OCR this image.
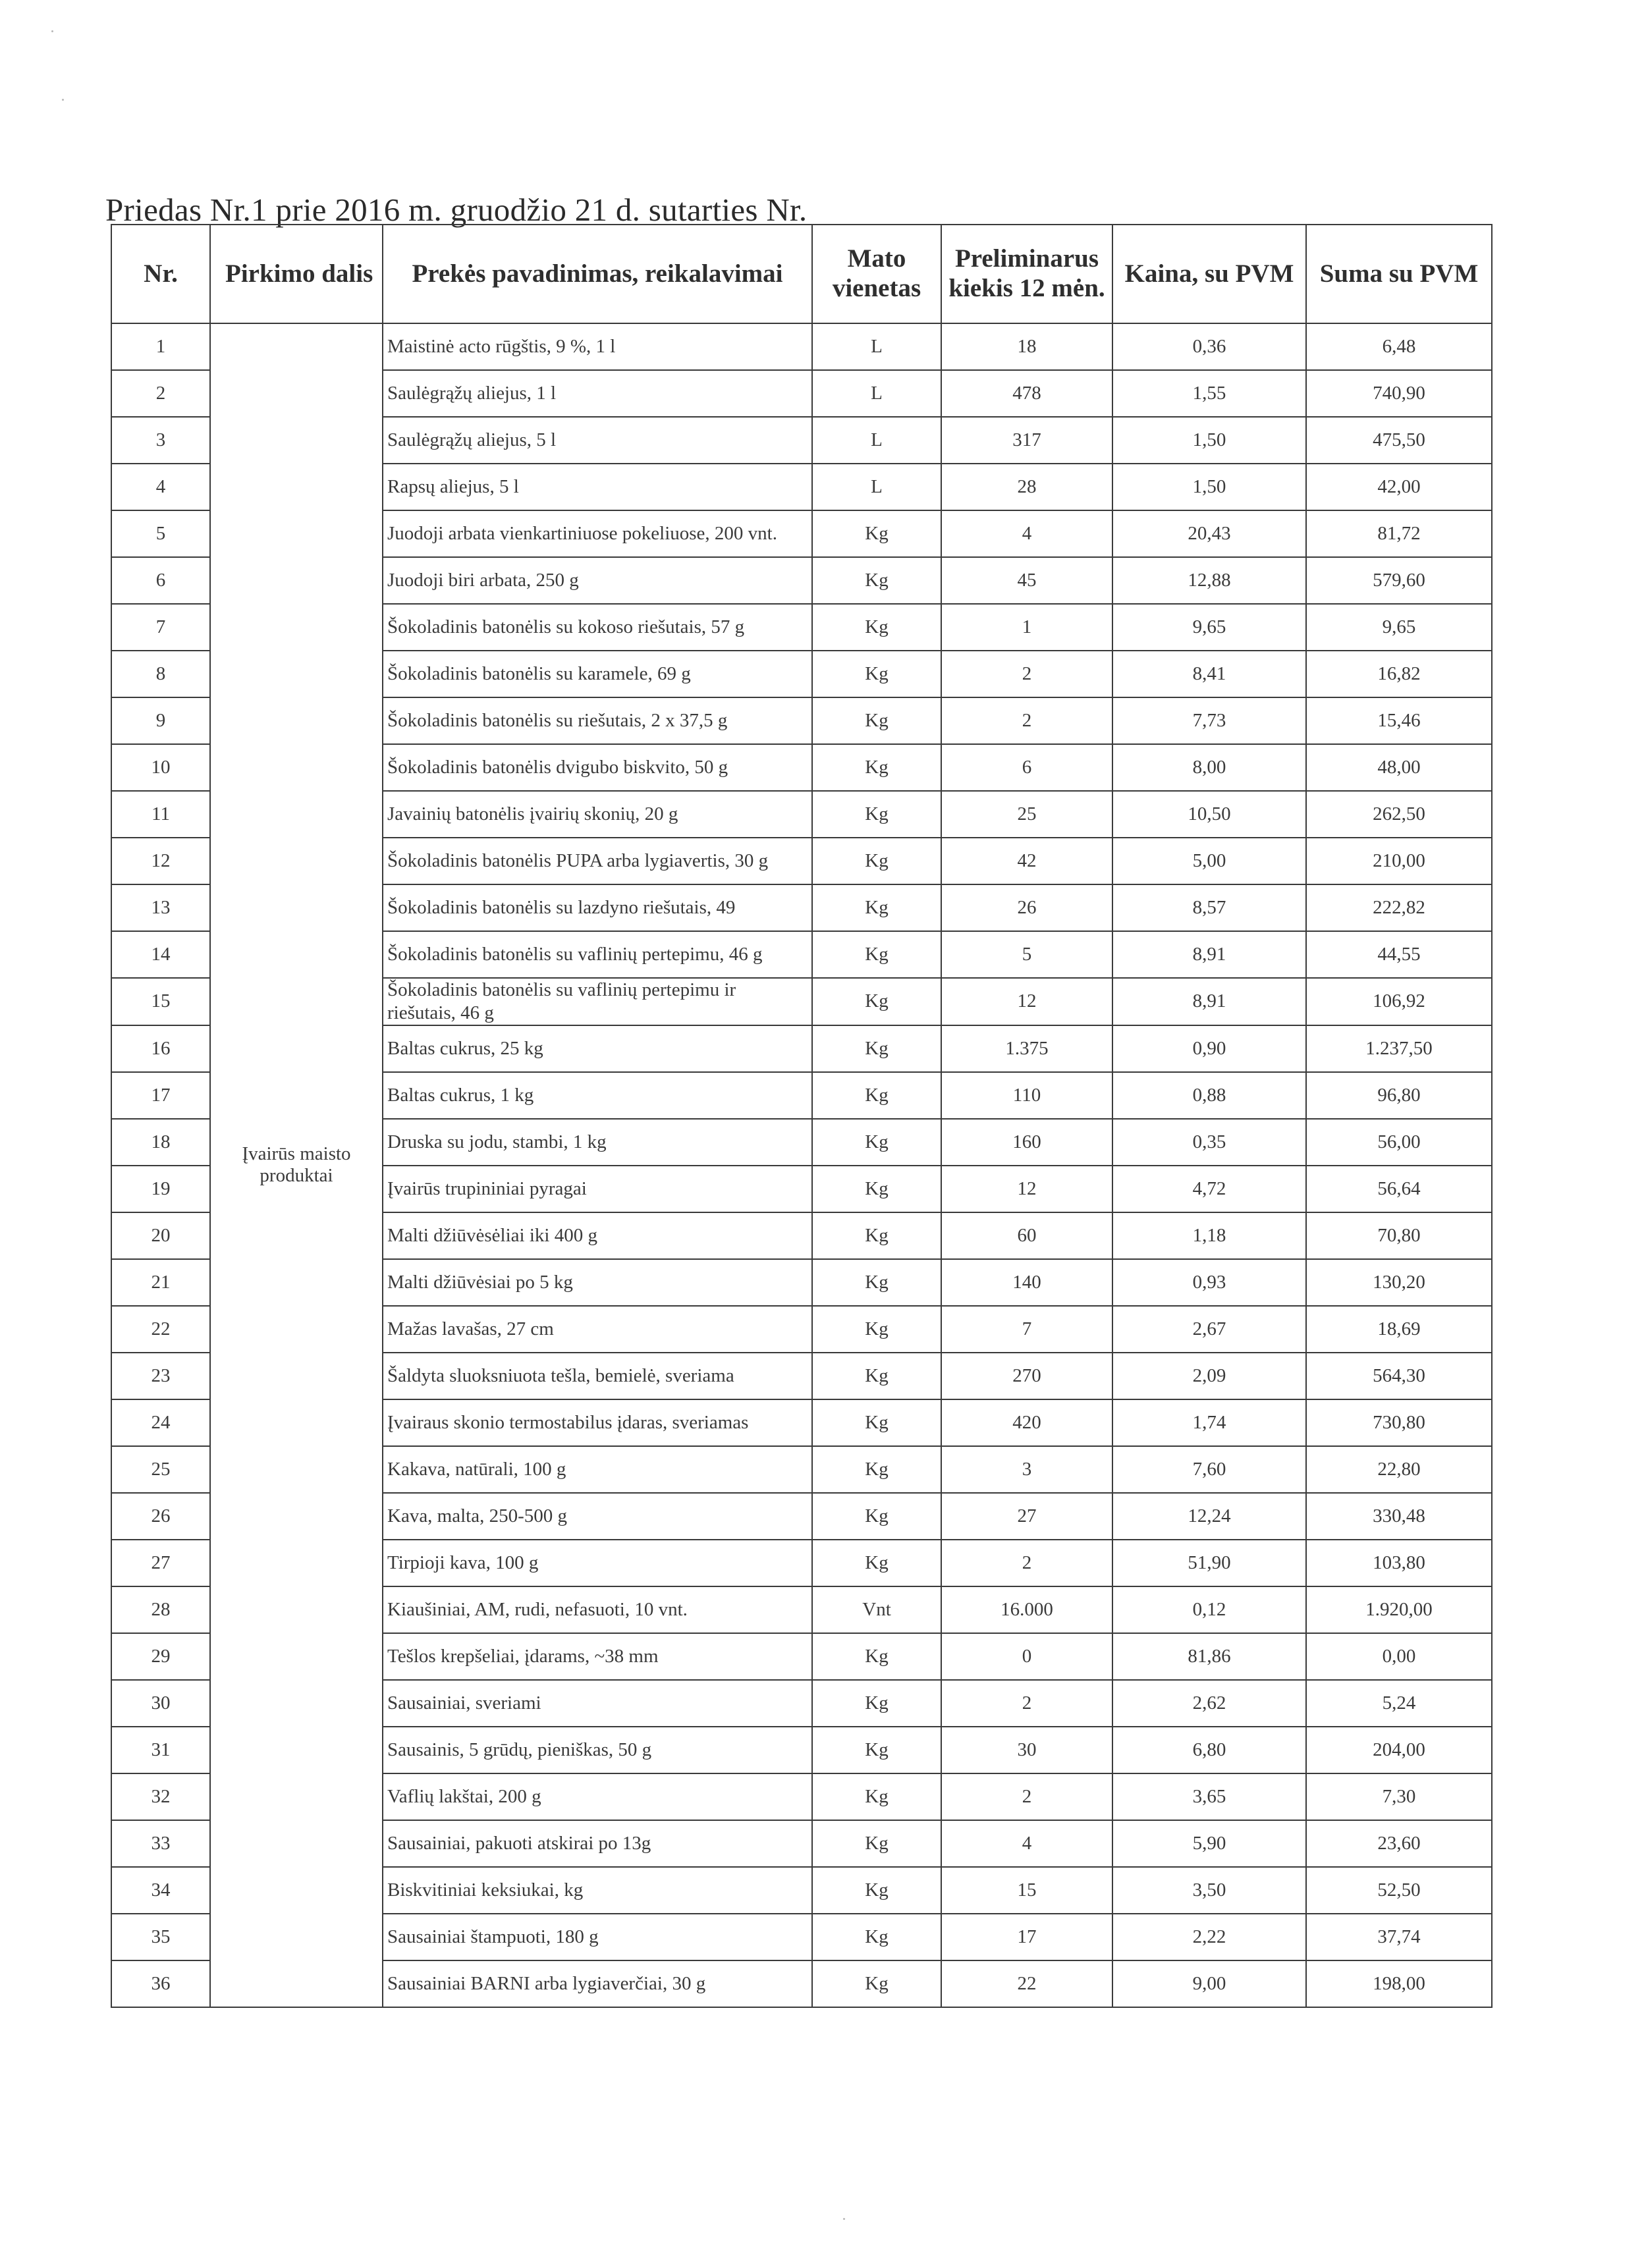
Priedas Nr.1 prie 2016 m. gruodžio 21 d. sutarties Nr.
Nr.	Pirkimo dalis	Prekės pavadinimas, reikalavimai	Mato vienetas	Preliminarus kiekis 12 mėn.	Kaina, su PVM	Suma su PVM
1	Įvairūs maisto produktai	Maistinė acto rūgštis, 9 %, 1 l	L	18	0,36	6,48
2		Saulėgrąžų aliejus, 1 l	L	478	1,55	740,90
3		Saulėgrąžų aliejus, 5 l	L	317	1,50	475,50
4		Rapsų aliejus, 5 l	L	28	1,50	42,00
5		Juodoji arbata vienkartiniuose pokeliuose, 200 vnt.	Kg	4	20,43	81,72
6		Juodoji biri arbata, 250 g	Kg	45	12,88	579,60
7		Šokoladinis batonėlis su kokoso riešutais, 57 g	Kg	1	9,65	9,65
8		Šokoladinis batonėlis su karamele, 69 g	Kg	2	8,41	16,82
9		Šokoladinis batonėlis su riešutais, 2 x 37,5 g	Kg	2	7,73	15,46
10		Šokoladinis batonėlis dvigubo biskvito, 50 g	Kg	6	8,00	48,00
11		Javainių batonėlis įvairių skonių, 20 g	Kg	25	10,50	262,50
12		Šokoladinis batonėlis PUPA arba lygiavertis, 30 g	Kg	42	5,00	210,00
13		Šokoladinis batonėlis su lazdyno riešutais, 49	Kg	26	8,57	222,82
14		Šokoladinis batonėlis su vaflinių pertepimu, 46 g	Kg	5	8,91	44,55
15		Šokoladinis batonėlis su vaflinių pertepimu ir riešutais, 46 g	Kg	12	8,91	106,92
16		Baltas cukrus, 25 kg	Kg	1.375	0,90	1.237,50
17		Baltas cukrus, 1 kg	Kg	110	0,88	96,80
18		Druska su jodu, stambi, 1 kg	Kg	160	0,35	56,00
19		Įvairūs trupininiai pyragai	Kg	12	4,72	56,64
20		Malti džiūvėsėliai iki 400 g	Kg	60	1,18	70,80
21		Malti džiūvėsiai po 5 kg	Kg	140	0,93	130,20
22		Mažas lavašas, 27 cm	Kg	7	2,67	18,69
23		Šaldyta sluoksniuota tešla, bemielė, sveriama	Kg	270	2,09	564,30
24		Įvairaus skonio termostabilus įdaras, sveriamas	Kg	420	1,74	730,80
25		Kakava, natūrali, 100 g	Kg	3	7,60	22,80
26		Kava, malta, 250-500 g	Kg	27	12,24	330,48
27		Tirpioji kava, 100 g	Kg	2	51,90	103,80
28		Kiaušiniai, AM, rudi, nefasuoti, 10 vnt.	Vnt	16.000	0,12	1.920,00
29		Tešlos krepšeliai, įdarams, ~38 mm	Kg	0	81,86	0,00
30		Sausainiai, sveriami	Kg	2	2,62	5,24
31		Sausainis, 5 grūdų, pieniškas, 50 g	Kg	30	6,80	204,00
32		Vaflių lakštai, 200 g	Kg	2	3,65	7,30
33		Sausainiai, pakuoti atskirai po 13g	Kg	4	5,90	23,60
34		Biskvitiniai keksiukai, kg	Kg	15	3,50	52,50
35		Sausainiai štampuoti, 180 g	Kg	17	2,22	37,74
36		Sausainiai BARNI arba lygiaverčiai, 30 g	Kg	22	9,00	198,00
